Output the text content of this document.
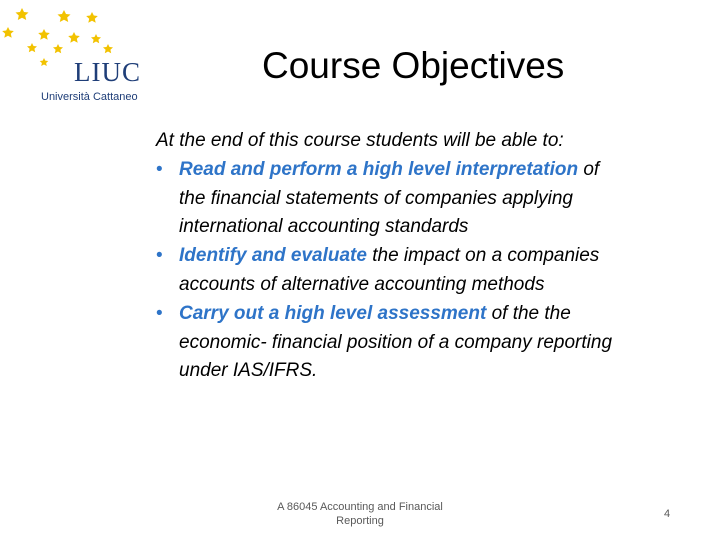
LIUC
Università Cattaneo
Course Objectives
At the end of this course students will be able to:
• Read and perform a high level interpretation of the financial statements of companies applying international accounting standards
• Identify and evaluate the impact on a companies accounts of alternative accounting methods
• Carry out a high level assessment of the the economic- financial position of a company reporting under IAS/IFRS.
A 86045 Accounting and Financial Reporting
4
